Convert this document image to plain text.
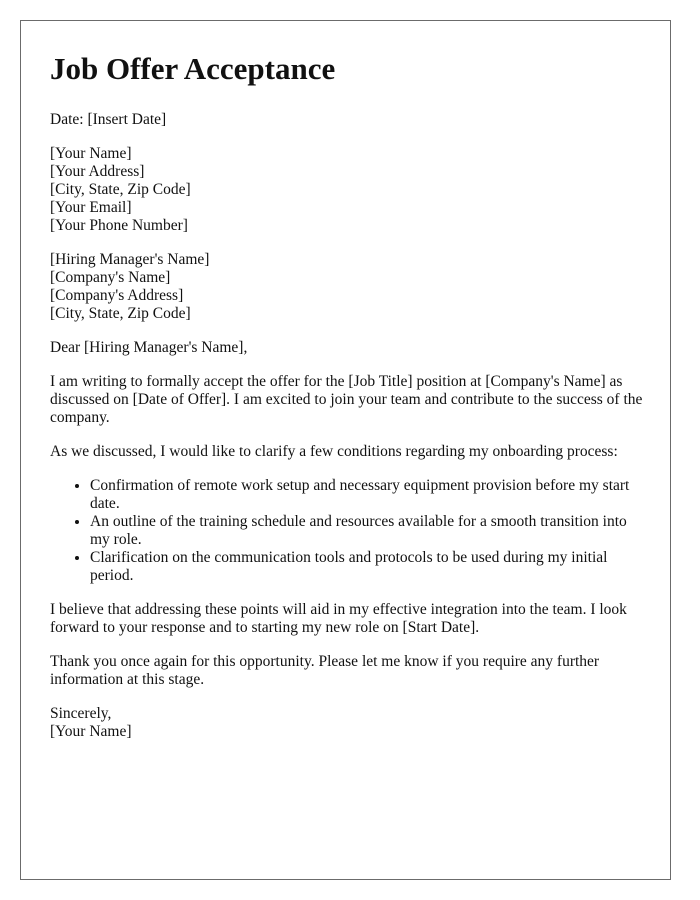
Job Offer Acceptance

Date: [Insert Date]

[Your Name]
[Your Address]
[City, State, Zip Code]
[Your Email]
[Your Phone Number]
[Hiring Manager's Name]
[Company's Name]
[Company's Address]
[City, State, Zip Code]

Dear [Hiring Manager's Name],

I am writing to formally accept the offer for the [Job Title] position at [Company's Name] as discussed on [Date of Offer]. I am excited to join your team and contribute to the success of the company.

As we discussed, I would like to clarify a few conditions regarding my onboarding process:

• Confirmation of remote work setup and necessary equipment provision before my start date.
• An outline of the training schedule and resources available for a smooth transition into my role.
• Clarification on the communication tools and protocols to be used during my initial period.

I believe that addressing these points will aid in my effective integration into the team. I look forward to your response and to starting my new role on [Start Date].

Thank you once again for this opportunity. Please let me know if you require any further information at this stage.

Sincerely,
[Your Name]
